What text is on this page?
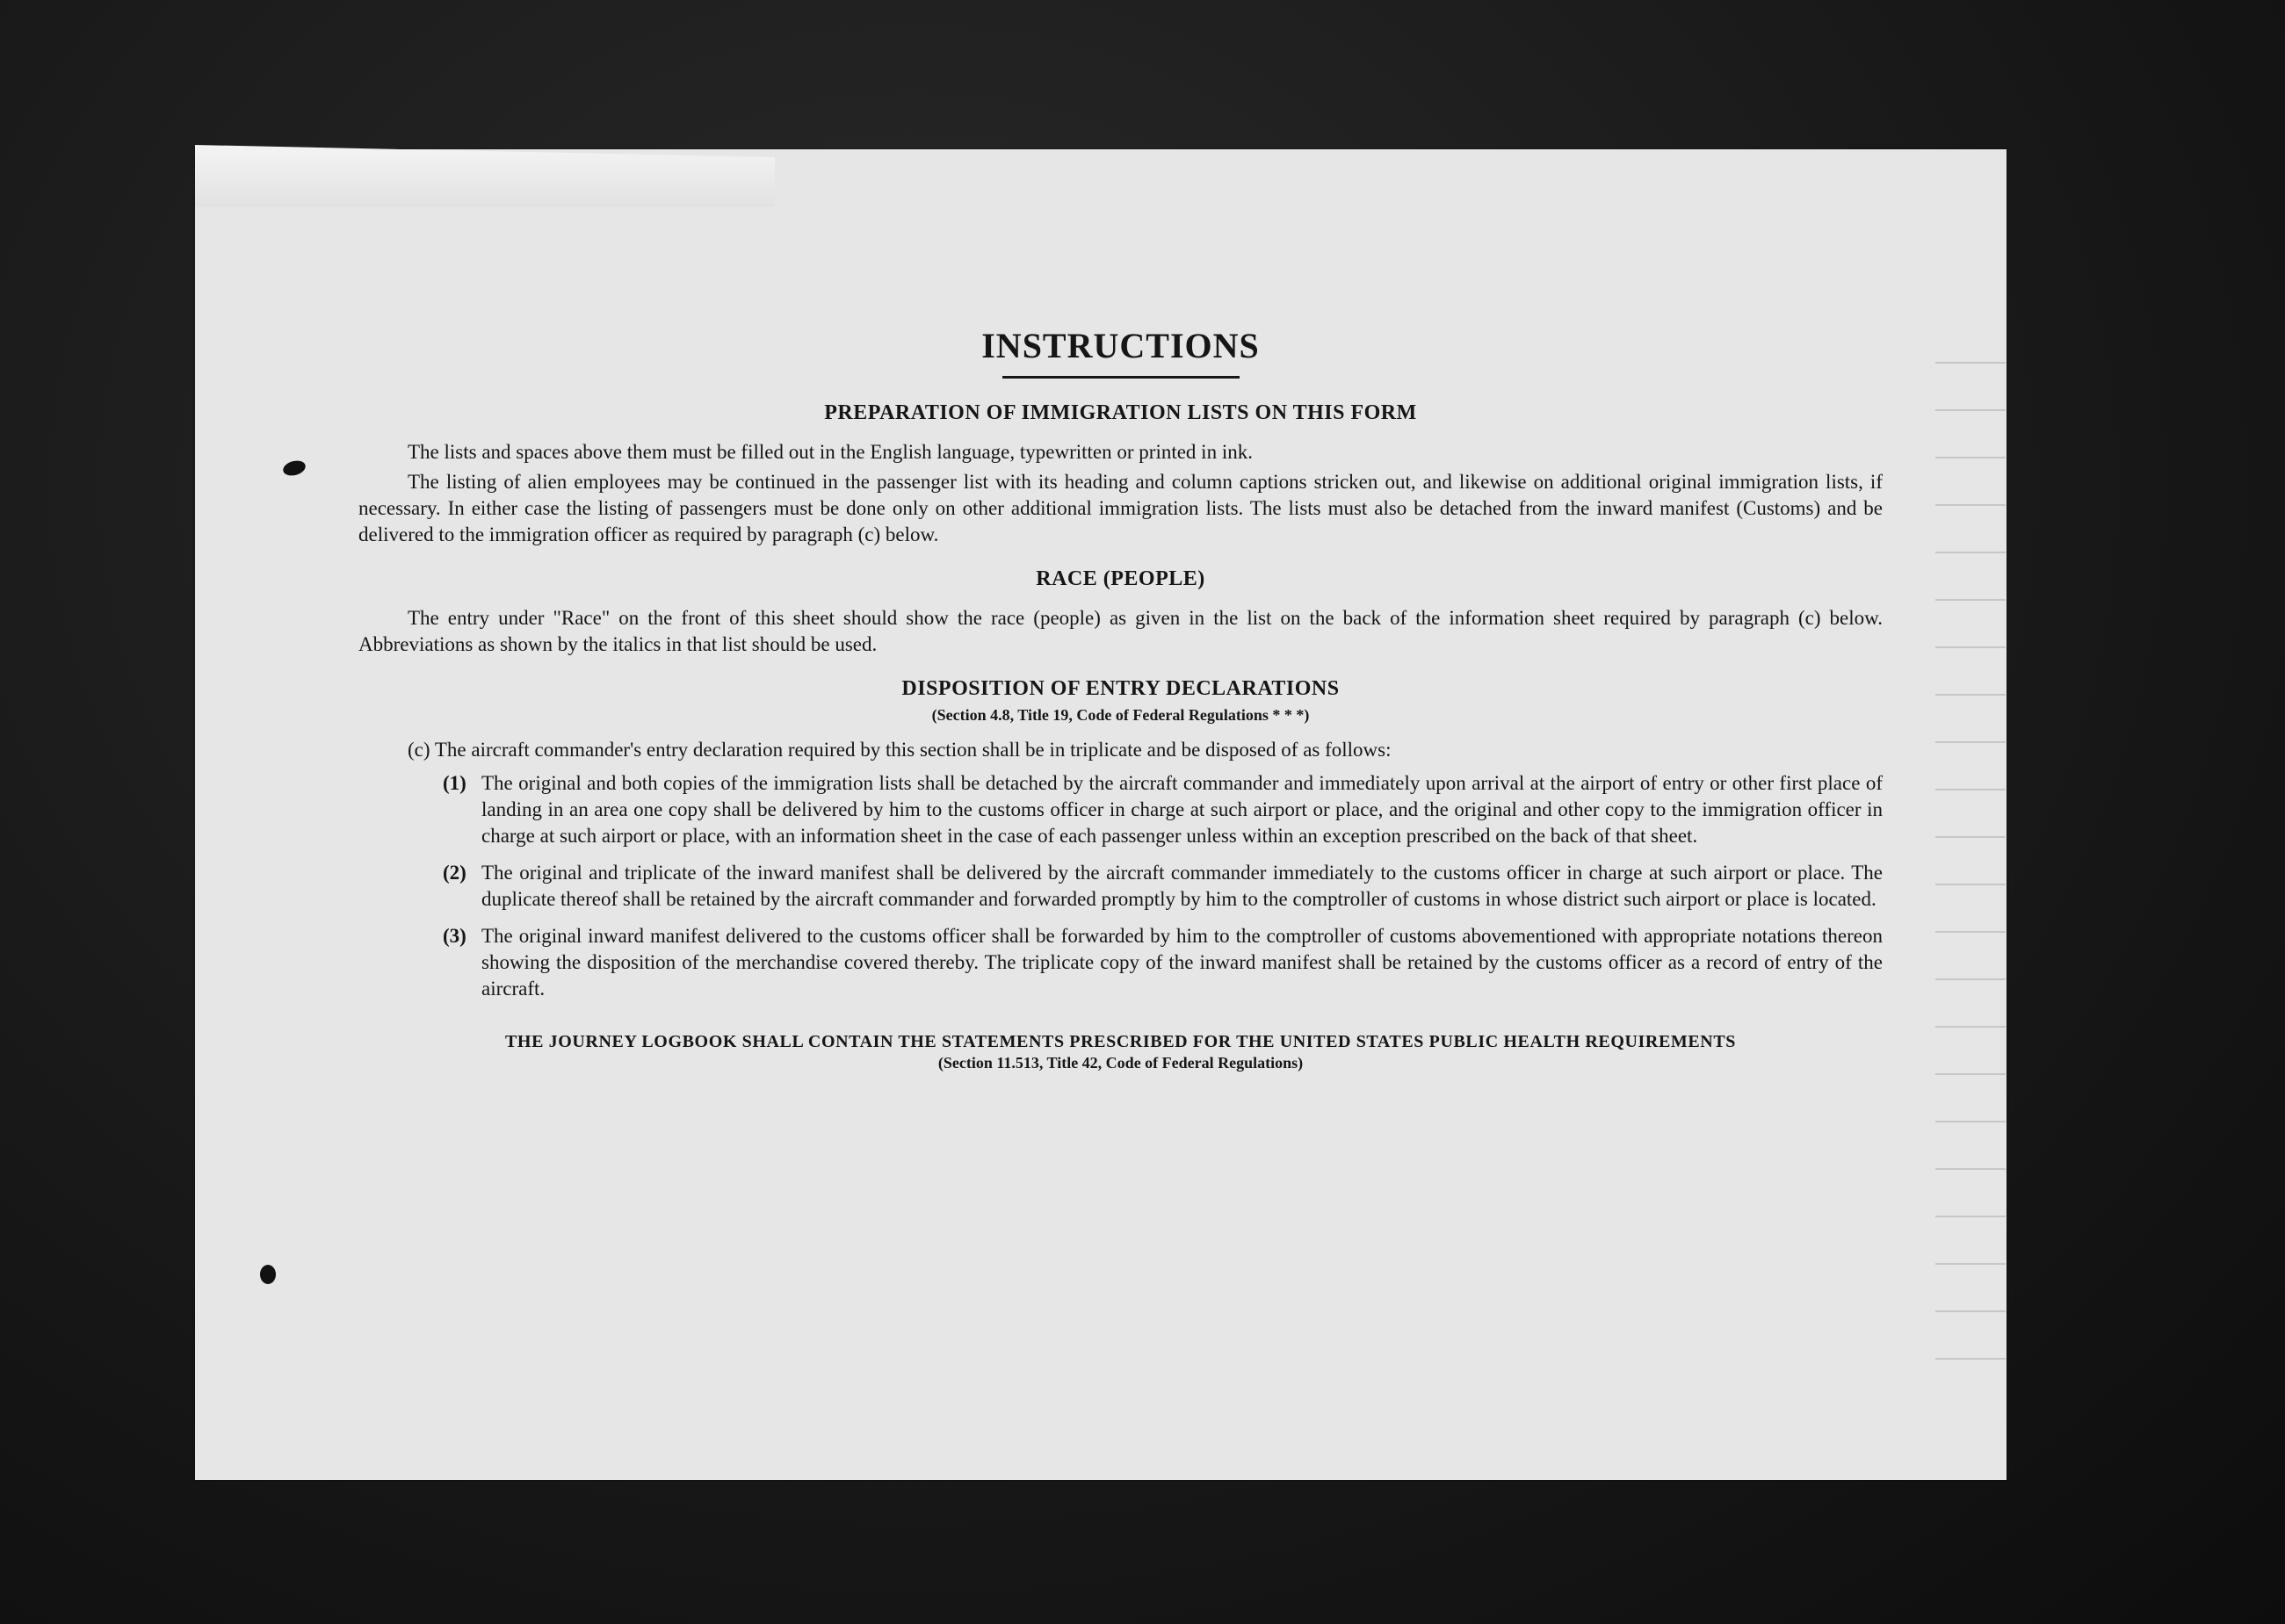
INSTRUCTIONS
PREPARATION OF IMMIGRATION LISTS ON THIS FORM

The lists and spaces above them must be filled out in the English language, typewritten or printed in ink.

The listing of alien employees may be continued in the passenger list with its heading and column captions stricken out, and likewise on additional original immigration lists, if necessary. In either case the listing of passengers must be done only on other additional immigration lists. The lists must also be detached from the inward manifest (Customs) and be delivered to the immigration officer as required by paragraph (c) below.

RACE (PEOPLE)

The entry under "Race" on the front of this sheet should show the race (people) as given in the list on the back of the information sheet required by paragraph (c) below. Abbreviations as shown by the italics in that list should be used.

DISPOSITION OF ENTRY DECLARATIONS
(Section 4.8, Title 19, Code of Federal Regulations * * *)
(c) The aircraft commander's entry declaration required by this section shall be in triplicate and be disposed of as follows:
(1) The original and both copies of the immigration lists shall be detached by the aircraft commander and immediately upon arrival at the airport of entry or other first place of landing in an area one copy shall be delivered by him to the customs officer in charge at such airport or place, and the original and other copy to the immigration officer in charge at such airport or place, with an information sheet in the case of each passenger unless within an exception prescribed on the back of that sheet.
(2) The original and triplicate of the inward manifest shall be delivered by the aircraft commander immediately to the customs officer in charge at such airport or place. The duplicate thereof shall be retained by the aircraft commander and forwarded promptly by him to the comptroller of customs in whose district such airport or place is located.
(3) The original inward manifest delivered to the customs officer shall be forwarded by him to the comptroller of customs abovementioned with appropriate notations thereon showing the disposition of the merchandise covered thereby. The triplicate copy of the inward manifest shall be retained by the customs officer as a record of entry of the aircraft.
THE JOURNEY LOGBOOK SHALL CONTAIN THE STATEMENTS PRESCRIBED FOR THE UNITED STATES PUBLIC HEALTH REQUIREMENTS
(Section 11.513, Title 42, Code of Federal Regulations)
